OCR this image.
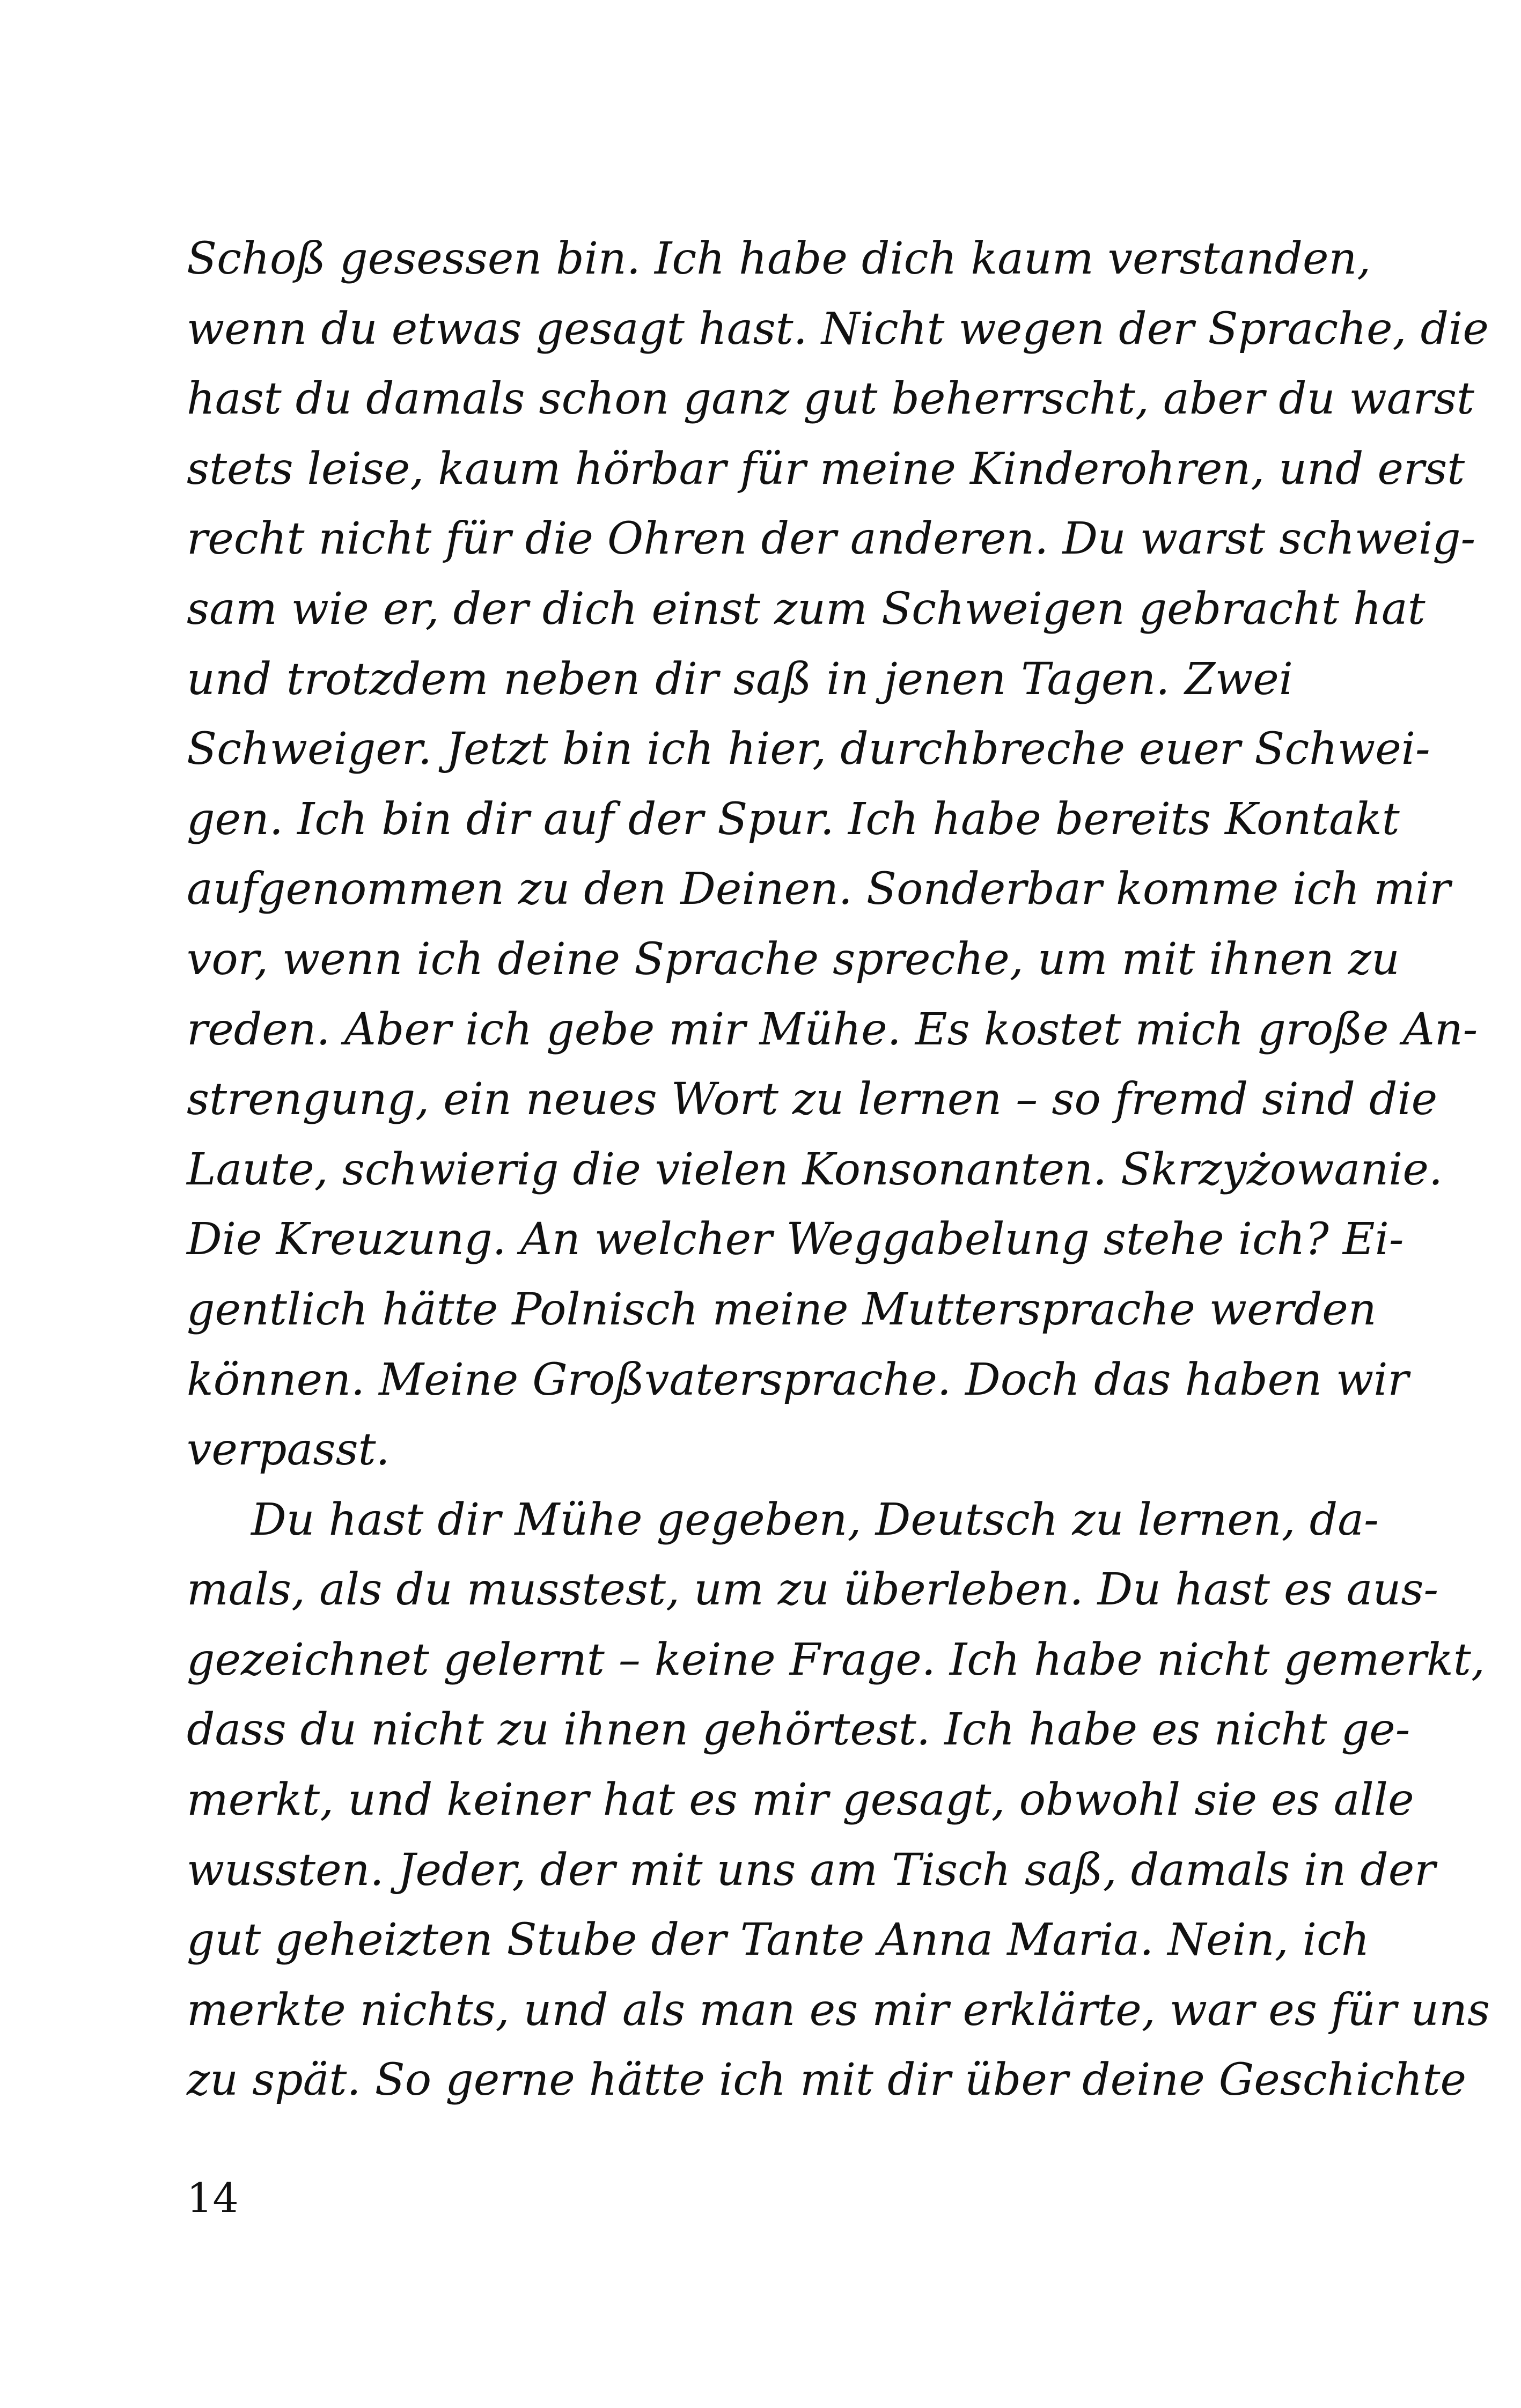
Schoß gesessen bin. Ich habe dich kaum verstanden,
wenn du etwas gesagt hast. Nicht wegen der Sprache, die
hast du damals schon ganz gut beherrscht, aber du warst
stets leise, kaum hörbar für meine Kinderohren, und erst
recht nicht für die Ohren der anderen. Du warst schweig-
sam wie er, der dich einst zum Schweigen gebracht hat
und trotzdem neben dir saß in jenen Tagen. Zwei
Schweiger. Jetzt bin ich hier, durchbreche euer Schwei-
gen. Ich bin dir auf der Spur. Ich habe bereits Kontakt
aufgenommen zu den Deinen. Sonderbar komme ich mir
vor, wenn ich deine Sprache spreche, um mit ihnen zu
reden. Aber ich gebe mir Mühe. Es kostet mich große An-
strengung, ein neues Wort zu lernen – so fremd sind die
Laute, schwierig die vielen Konsonanten. Skrzyżowanie.
Die Kreuzung. An welcher Weggabelung stehe ich? Ei-
gentlich hätte Polnisch meine Muttersprache werden
können. Meine Großvatersprache. Doch das haben wir
verpasst.
Du hast dir Mühe gegeben, Deutsch zu lernen, da-
mals, als du musstest, um zu überleben. Du hast es aus-
gezeichnet gelernt – keine Frage. Ich habe nicht gemerkt,
dass du nicht zu ihnen gehörtest. Ich habe es nicht ge-
merkt, und keiner hat es mir gesagt, obwohl sie es alle
wussten. Jeder, der mit uns am Tisch saß, damals in der
gut geheizten Stube der Tante Anna Maria. Nein, ich
merkte nichts, und als man es mir erklärte, war es für uns
zu spät. So gerne hätte ich mit dir über deine Geschichte
14
